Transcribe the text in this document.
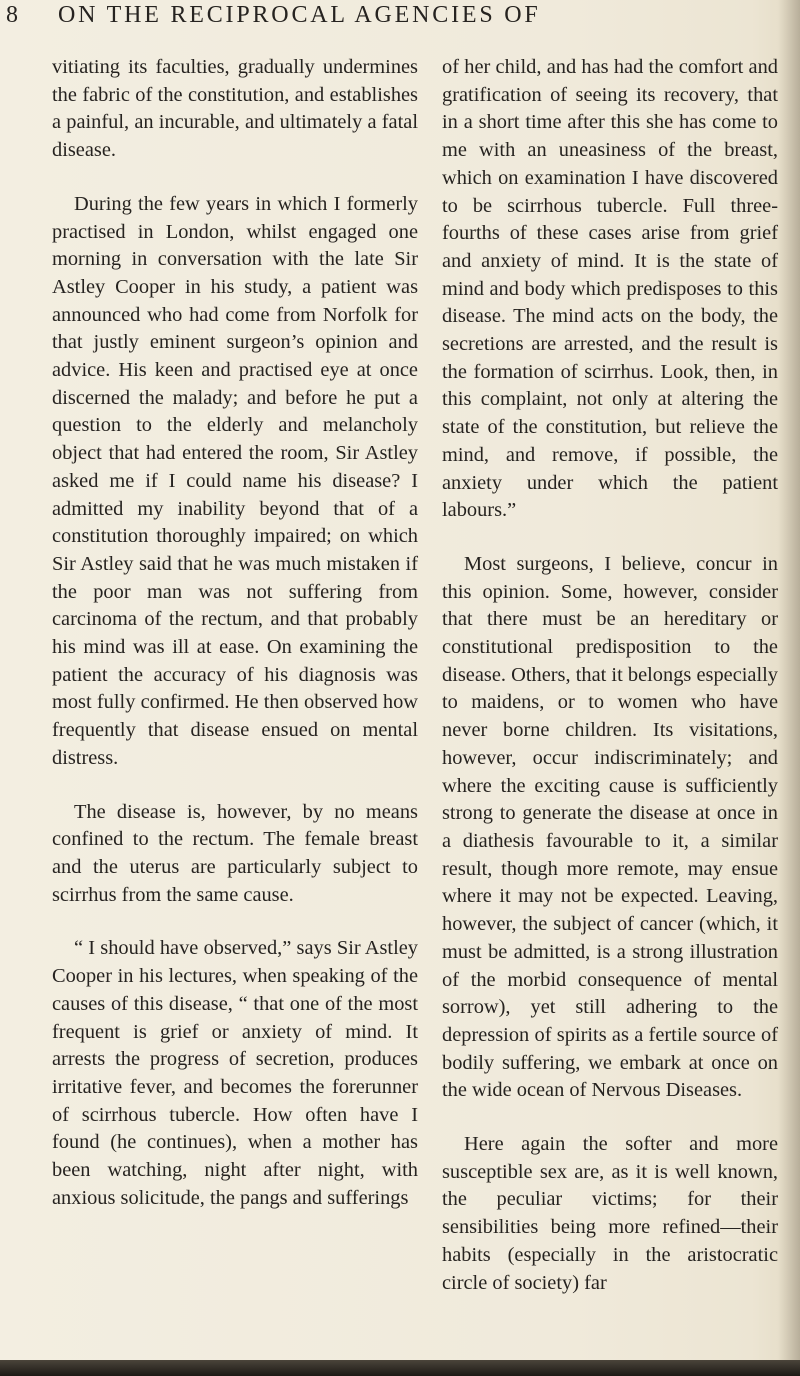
8 ON THE RECIPROCAL AGENCIES OF

vitiating its faculties, gradually undermines the fabric of the constitution, and establishes a painful, an incurable, and ultimately a fatal disease.

During the few years in which I formerly practised in London, whilst engaged one morning in conversation with the late Sir Astley Cooper in his study, a patient was announced who had come from Norfolk for that justly eminent surgeon’s opinion and advice. His keen and practised eye at once discerned the malady; and before he put a question to the elderly and melancholy object that had entered the room, Sir Astley asked me if I could name his disease? I admitted my inability beyond that of a constitution thoroughly impaired; on which Sir Astley said that he was much mistaken if the poor man was not suffering from carcinoma of the rectum, and that probably his mind was ill at ease. On examining the patient the accuracy of his diagnosis was most fully confirmed. He then observed how frequently that disease ensued on mental distress.

The disease is, however, by no means confined to the rectum. The female breast and the uterus are particularly subject to scirrhus from the same cause.

“ I should have observed,” says Sir Astley Cooper in his lectures, when speaking of the causes of this disease, “ that one of the most frequent is grief or anxiety of mind. It arrests the progress of secretion, produces irritative fever, and becomes the forerunner of scirrhous tubercle. How often have I found (he continues), when a mother has been watching, night after night, with anxious solicitude, the pangs and sufferings

of her child, and has had the comfort and gratification of seeing its recovery, that in a short time after this she has come to me with an uneasiness of the breast, which on examination I have discovered to be scirrhous tubercle. Full three-fourths of these cases arise from grief and anxiety of mind. It is the state of mind and body which predisposes to this disease. The mind acts on the body, the secretions are arrested, and the result is the formation of scirrhus. Look, then, in this complaint, not only at altering the state of the constitution, but relieve the mind, and remove, if possible, the anxiety under which the patient labours.”

Most surgeons, I believe, concur in this opinion. Some, however, consider that there must be an hereditary or constitutional predisposition to the disease. Others, that it belongs especially to maidens, or to women who have never borne children. Its visitations, however, occur indiscriminately; and where the exciting cause is sufficiently strong to generate the disease at once in a diathesis favourable to it, a similar result, though more remote, may ensue where it may not be expected. Leaving, however, the subject of cancer (which, it must be admitted, is a strong illustration of the morbid consequence of mental sorrow), yet still adhering to the depression of spirits as a fertile source of bodily suffering, we embark at once on the wide ocean of Nervous Diseases.

Here again the softer and more susceptible sex are, as it is well known, the peculiar victims; for their sensibilities being more refined—their habits (especially in the aristocratic circle of society) far
